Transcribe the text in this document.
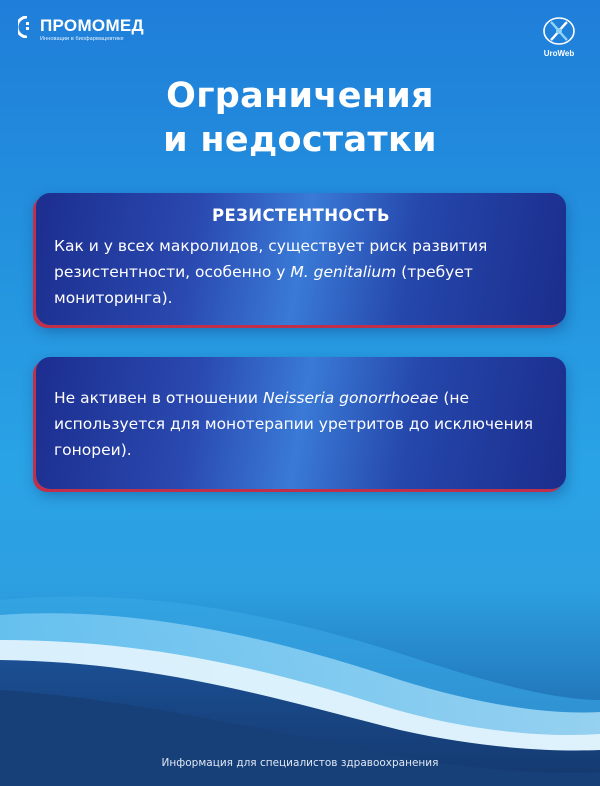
ПРОМОМЕД
Инновации в биофармацевтике
UroWeb
Ограничения
и недостатки
РЕЗИСТЕНТНОСТЬ
Как и у всех макролидов, существует риск развития резистентности, особенно у M. genitalium (требует мониторинга).
Не активен в отношении Neisseria gonorrhoeae (не используется для монотерапии уретритов до исключения гонореи).
Информация для специалистов здравоохранения
